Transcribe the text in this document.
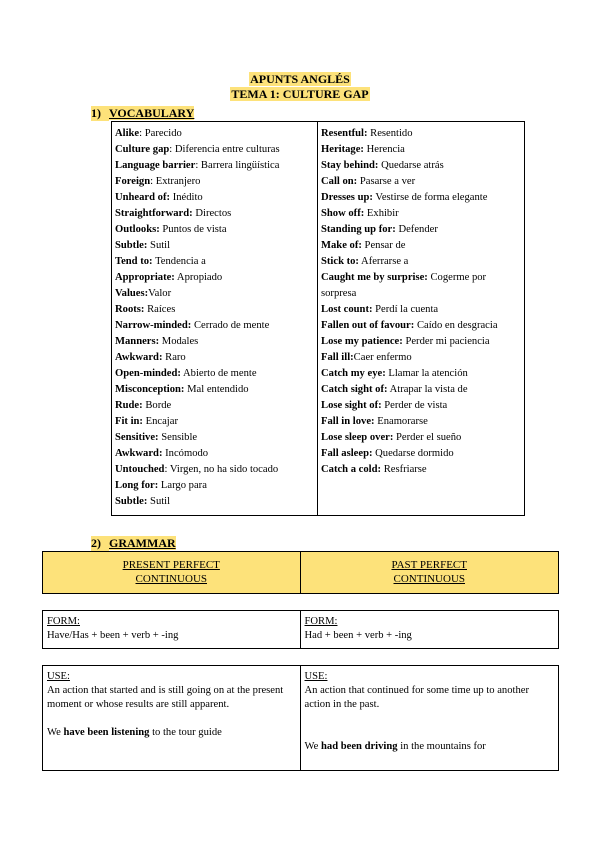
APUNTS ANGLÉS
TEMA 1: CULTURE GAP
1) VOCABULARY
Alike: Parecido
Culture gap: Diferencia entre culturas
Language barrier: Barrera lingüística
Foreign: Extranjero
Unheard of: Inédito
Straightforward: Directos
Outlooks: Puntos de vista
Subtle: Sutil
Tend to: Tendencia a
Appropriate: Apropiado
Values:Valor
Roots: Raíces
Narrow-minded: Cerrado de mente
Manners: Modales
Awkward: Raro
Open-minded: Abierto de mente
Misconception: Mal entendido
Rude: Borde
Fit in: Encajar
Sensitive: Sensible
Awkward: Incómodo
Untouched: Virgen, no ha sido tocado
Long for: Largo para
Subtle: Sutil
Resentful: Resentido
Heritage: Herencia
Stay behind: Quedarse atrás
Call on: Pasarse a ver
Dresses up: Vestirse de forma elegante
Show off: Exhibir
Standing up for: Defender
Make of: Pensar de
Stick to: Aferrarse a
Caught me by surprise: Cogerme por sorpresa
Lost count: Perdí la cuenta
Fallen out of favour: Caído en desgracia
Lose my patience: Perder mi paciencia
Fall ill:Caer enfermo
Catch my eye: Llamar la atención
Catch sight of: Atrapar la vista de
Lose sight of: Perder de vista
Fall in love: Enamorarse
Lose sleep over: Perder el sueño
Fall asleep: Quedarse dormido
Catch a cold: Resfriarse
2) GRAMMAR
PRESENT PERFECT
CONTINUOUS
PAST PERFECT
CONTINUOUS
FORM:
Have/Has + been + verb + -ing
FORM:
Had + been + verb + -ing
USE:
An action that started and is still going on at the present moment or whose results are still apparent.
We have been listening to the tour guide
USE:
An action that continued for some time up to another action in the past.
We had been driving in the mountains for
